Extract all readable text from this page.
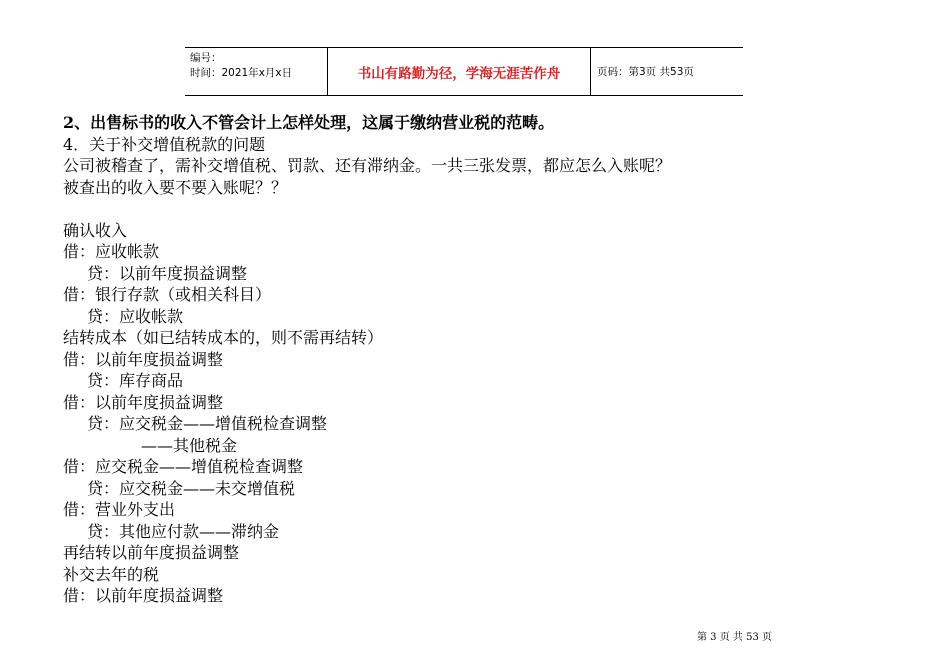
编号：
时间：2021年x月x日	书山有路勤为径，学海无涯苦作舟	页码：第3页 共53页
2、出售标书的收入不管会计上怎样处理，这属于缴纳营业税的范畴。
4．关于补交增值税款的问题
公司被稽查了，需补交增值税、罚款、还有滞纳金。一共三张发票，都应怎么入账呢？
被查出的收入要不要入账呢？？
确认收入
借：应收帐款
贷：以前年度损益调整
借：银行存款（或相关科目）
贷：应收帐款
结转成本（如已结转成本的，则不需再结转）
借：以前年度损益调整
贷：库存商品
借：以前年度损益调整
贷：应交税金——增值税检查调整
——其他税金
借：应交税金——增值税检查调整
贷：应交税金——未交增值税
借：营业外支出
贷：其他应付款——滞纳金
再结转以前年度损益调整
补交去年的税
借：以前年度损益调整
第 3 页 共 53 页
